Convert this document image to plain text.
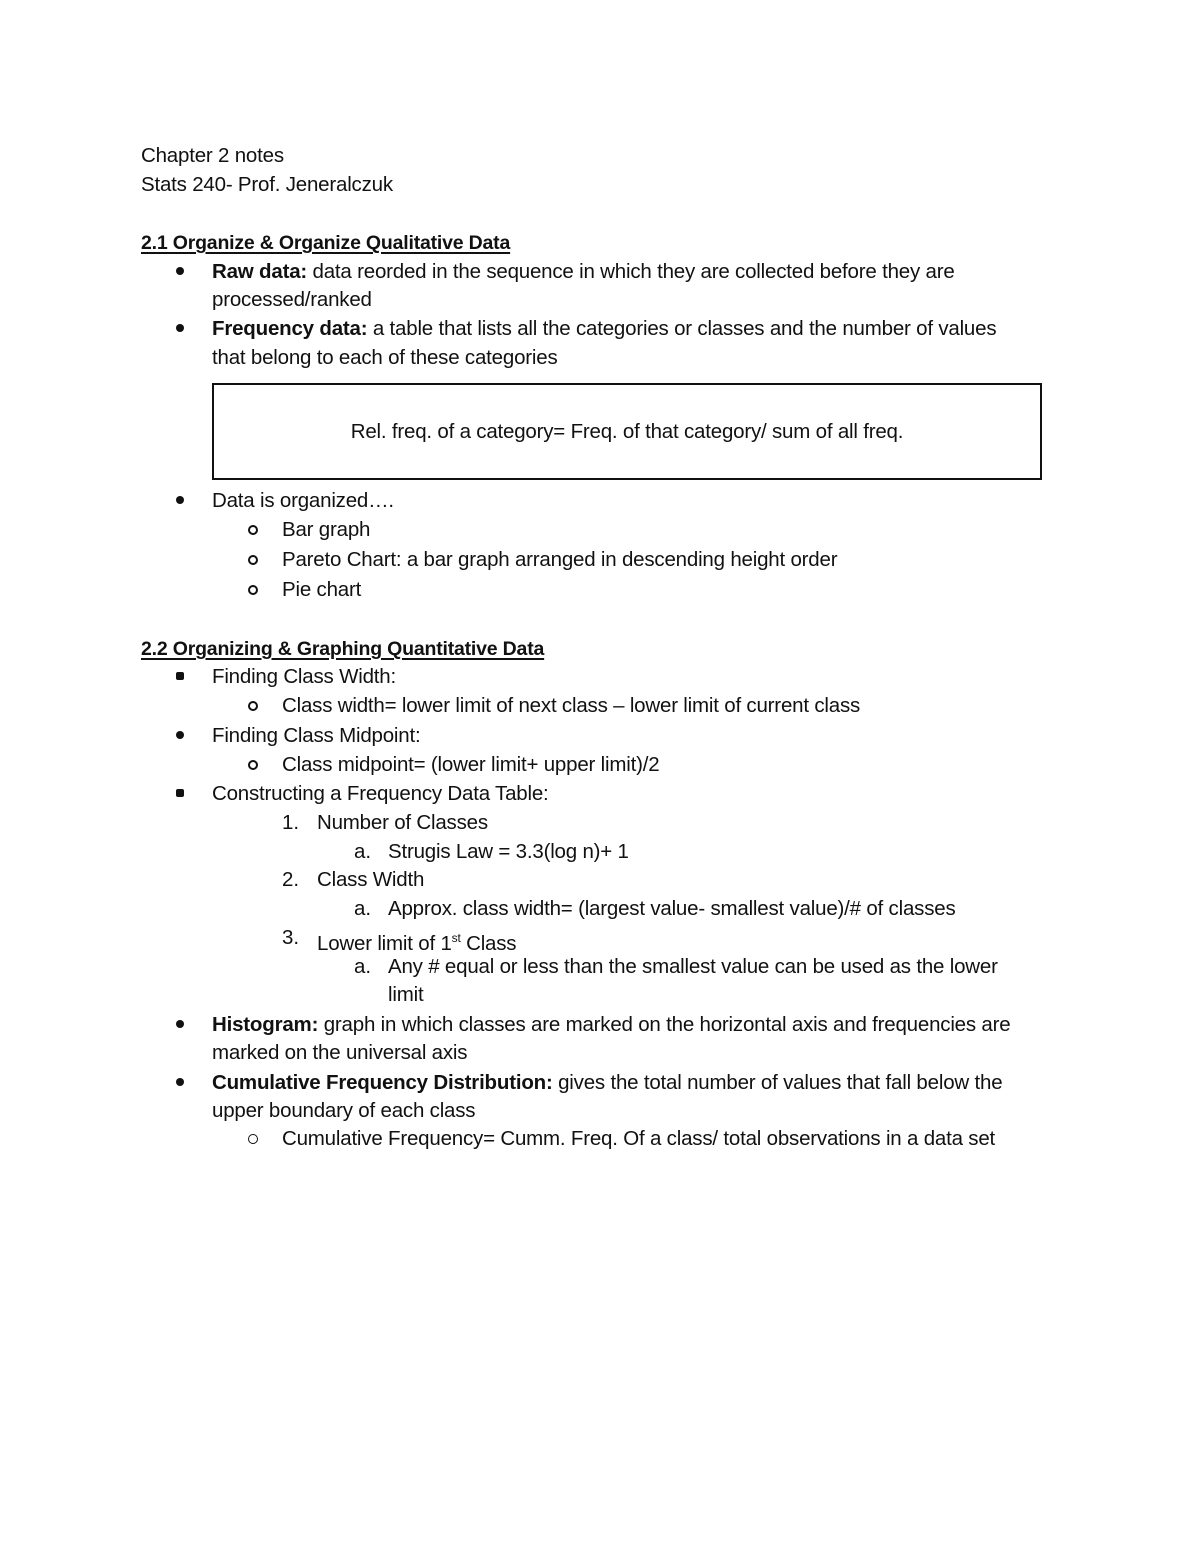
Chapter 2 notes
Stats 240- Prof. Jeneralczuk
2.1 Organize & Organize Qualitative Data
Raw data: data reorded in the sequence in which they are collected before they are
processed/ranked
Frequency data: a table that lists all the categories or classes and the number of values
that belong to each of these categories
Rel. freq. of a category= Freq. of that category/ sum of all freq.
Data is organized….
Bar graph
Pareto Chart: a bar graph arranged in descending height order
Pie chart
2.2 Organizing & Graphing Quantitative Data
Finding Class Width:
Class width= lower limit of next class – lower limit of current class
Finding Class Midpoint:
Class midpoint= (lower limit+ upper limit)/2
Constructing a Frequency Data Table:
1. Number of Classes
a. Strugis Law = 3.3(log n)+ 1
2. Class Width
a. Approx. class width= (largest value- smallest value)/# of classes
3. Lower limit of 1st Class
a. Any # equal or less than the smallest value can be used as the lower
limit
Histogram: graph in which classes are marked on the horizontal axis and frequencies are
marked on the universal axis
Cumulative Frequency Distribution: gives the total number of values that fall below the
upper boundary of each class
Cumulative Frequency= Cumm. Freq. Of a class/ total observations in a data set
